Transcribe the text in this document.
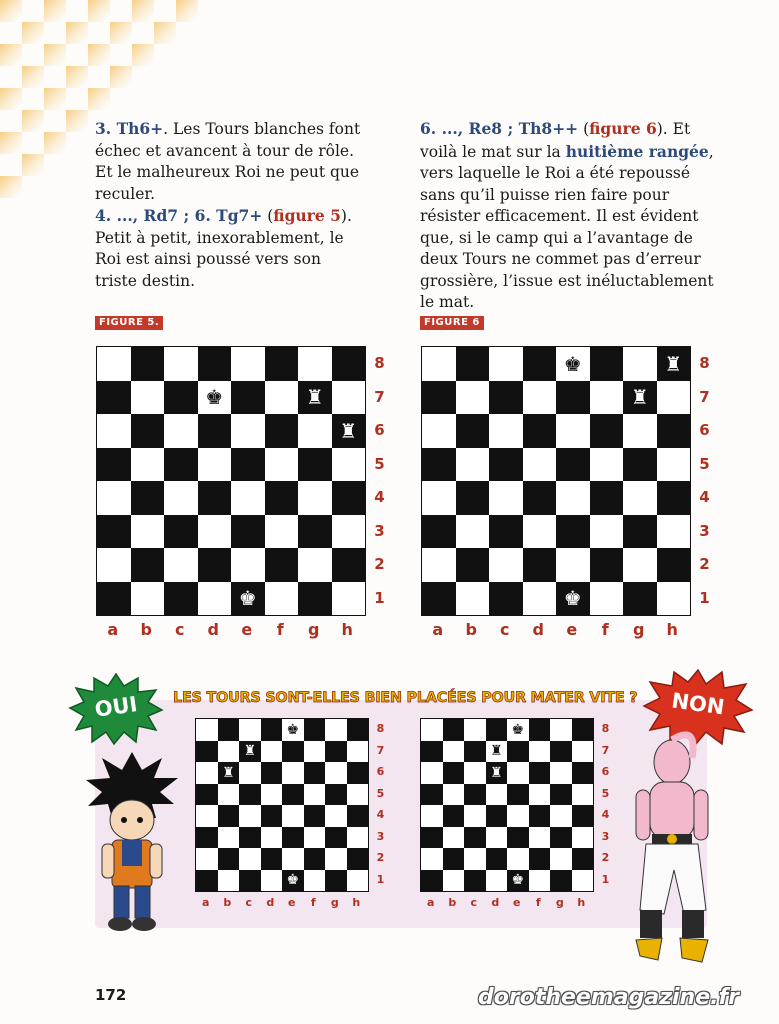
3. Th6+. Les Tours blanches font échec et avancent à tour de rôle. Et le malheureux Roi ne peut que reculer.

4. ..., Rd7 ; 6. Tg7+ (figure 5).
Petit à petit, inexorablement, le Roi est ainsi poussé vers son triste destin.

6. ..., Re8 ; Th8++ (figure 6). Et voilà le mat sur la huitième rangée, vers laquelle le Roi a été repoussé sans qu’il puisse rien faire pour résister efficacement. Il est évident que, si le camp qui a l’avantage de deux Tours ne commet pas d’erreur grossière, l’issue est inéluctablement le mat.

FIGURE 5.	FIGURE 6
♚	♜
♜
♚
♚	♜
♜
♚
LES TOURS SONT-ELLES BIEN PLACÉES POUR MATER VITE ?
OUI	NON
♚
♜
♜
♚
♚
♜
♜
♚
172	dorotheemagazine.fr
8
7
6
5
4
3
2
1
a	b	c	d	e	f	g	h
8
7
6
5
4
3
2
1
a	b	c	d	e	f	g	h
8
7
6
5
4
3
2
1
a	b	c	d	e	f	g	h
8
7
6
5
4
3
2
1
a	b	c	d	e	f	g	h
